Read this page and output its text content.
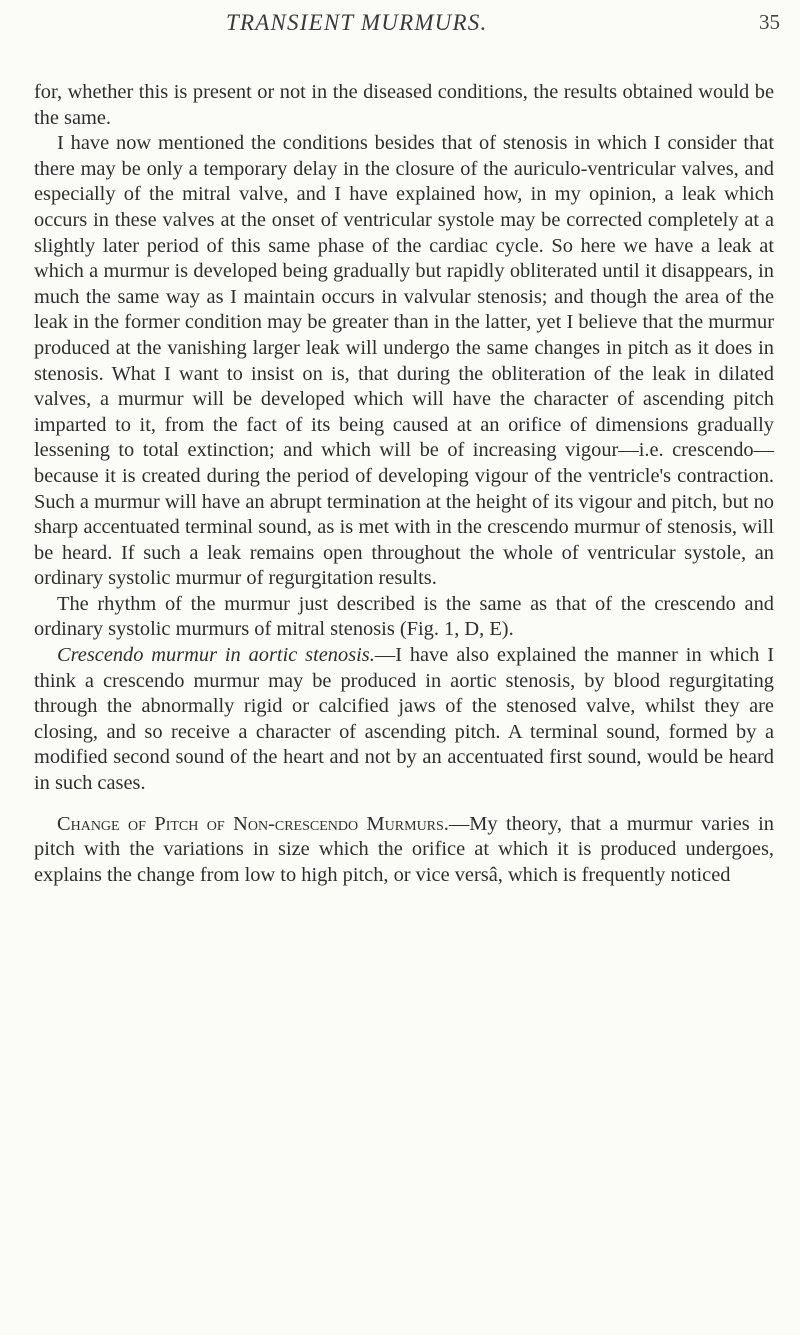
TRANSIENT MURMURS.	35

for, whether this is present or not in the diseased conditions, the results obtained would be the same.

I have now mentioned the conditions besides that of stenosis in which I consider that there may be only a temporary delay in the closure of the auriculo-ventricular valves, and especially of the mitral valve, and I have explained how, in my opinion, a leak which occurs in these valves at the onset of ventricular systole may be corrected completely at a slightly later period of this same phase of the cardiac cycle. So here we have a leak at which a murmur is developed being gradually but rapidly obliterated until it disappears, in much the same way as I maintain occurs in valvular stenosis; and though the area of the leak in the former condition may be greater than in the latter, yet I believe that the murmur produced at the vanishing larger leak will undergo the same changes in pitch as it does in stenosis. What I want to insist on is, that during the obliteration of the leak in dilated valves, a murmur will be developed which will have the character of ascending pitch imparted to it, from the fact of its being caused at an orifice of dimensions gradually lessening to total extinction; and which will be of increasing vigour—i.e. crescendo—because it is created during the period of developing vigour of the ventricle's contraction. Such a murmur will have an abrupt termination at the height of its vigour and pitch, but no sharp accentuated terminal sound, as is met with in the crescendo murmur of stenosis, will be heard. If such a leak remains open throughout the whole of ventricular systole, an ordinary systolic murmur of regurgitation results.

The rhythm of the murmur just described is the same as that of the crescendo and ordinary systolic murmurs of mitral stenosis (Fig. 1, D, E).

Crescendo murmur in aortic stenosis.—I have also explained the manner in which I think a crescendo murmur may be produced in aortic stenosis, by blood regurgitating through the abnormally rigid or calcified jaws of the stenosed valve, whilst they are closing, and so receive a character of ascending pitch. A terminal sound, formed by a modified second sound of the heart and not by an accentuated first sound, would be heard in such cases.

Change of Pitch of Non-crescendo Murmurs.—My theory, that a murmur varies in pitch with the variations in size which the orifice at which it is produced undergoes, explains the change from low to high pitch, or vice versâ, which is frequently noticed
